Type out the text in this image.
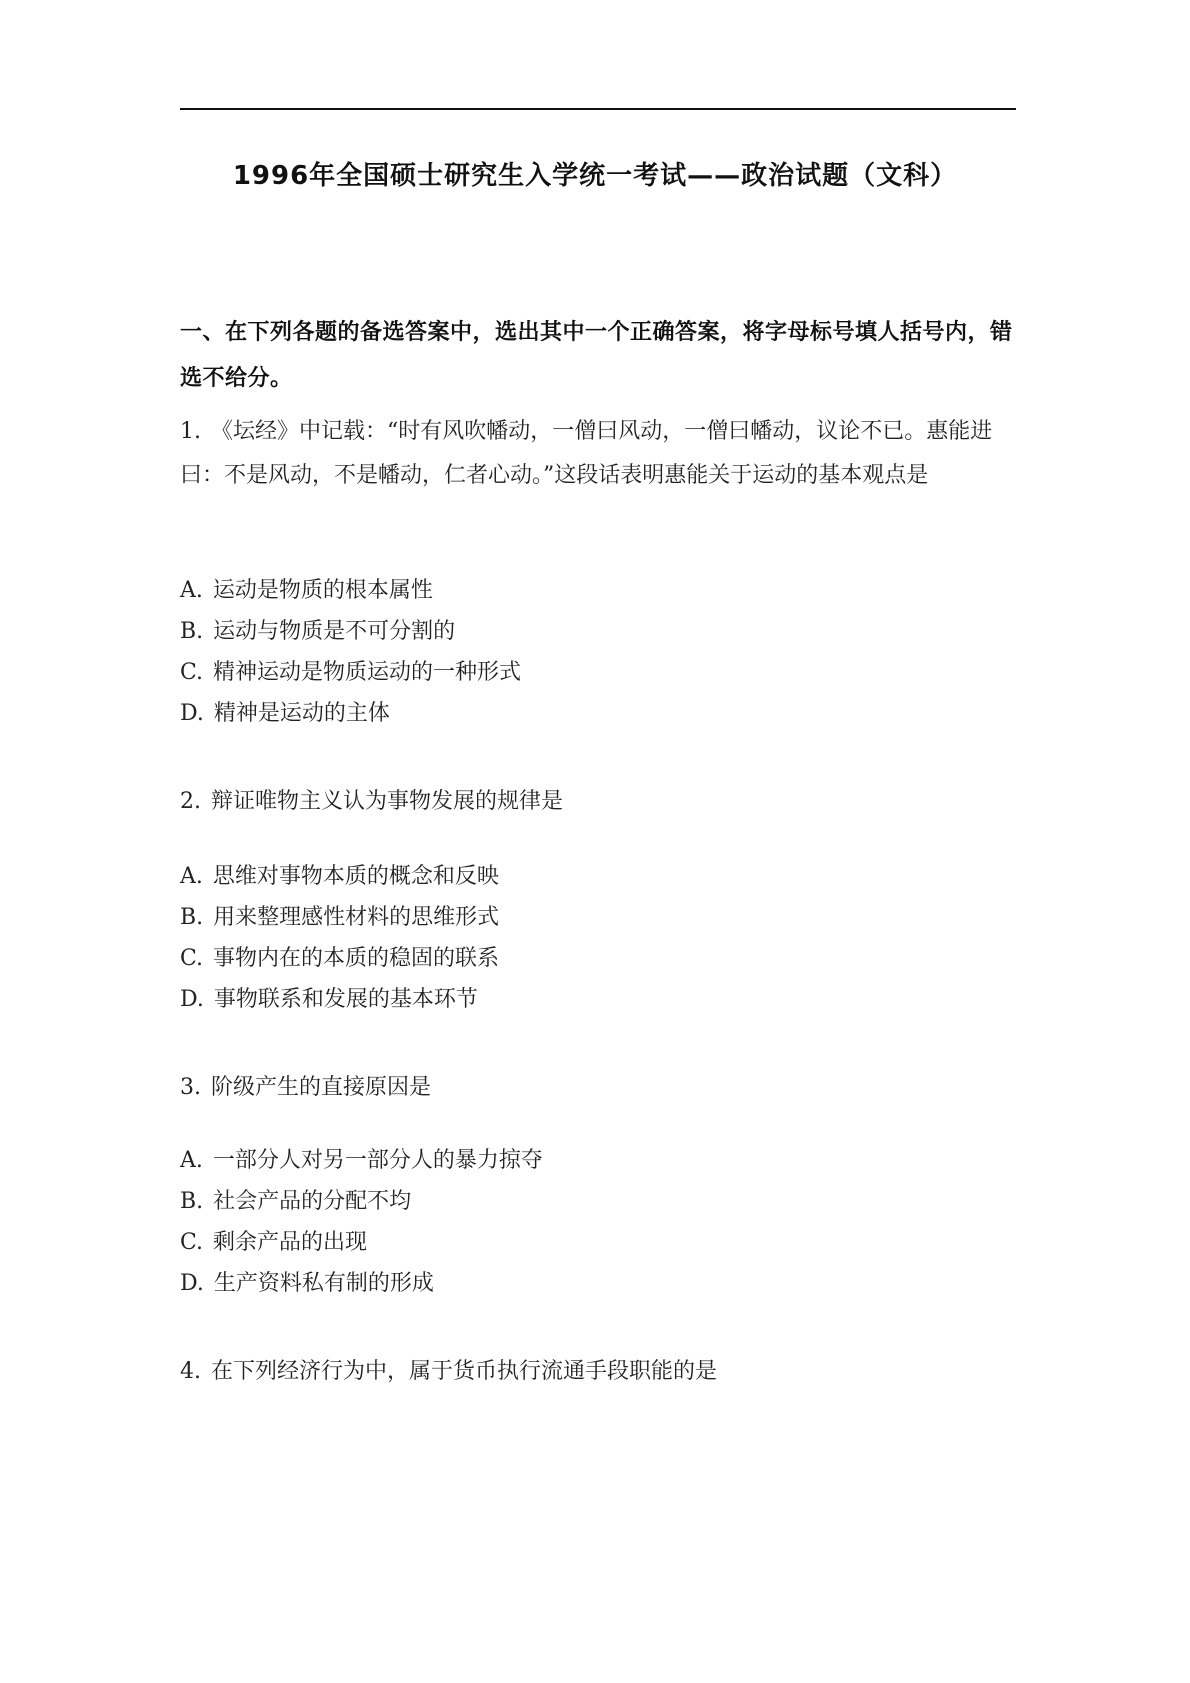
1996年全国硕士研究生入学统一考试——政治试题（文科）
一、在下列各题的备选答案中，选出其中一个正确答案，将字母标号填人括号内，错选不给分。
1. 《坛经》中记载：“时有风吹幡动，一僧曰风动，一僧曰幡动，议论不已。惠能进曰：不是风动，不是幡动，仁者心动。”这段话表明惠能关于运动的基本观点是
A. 运动是物质的根本属性
B. 运动与物质是不可分割的
C. 精神运动是物质运动的一种形式
D. 精神是运动的主体
2. 辩证唯物主义认为事物发展的规律是
A. 思维对事物本质的概念和反映
B. 用来整理感性材料的思维形式
C. 事物内在的本质的稳固的联系
D. 事物联系和发展的基本环节
3. 阶级产生的直接原因是
A. 一部分人对另一部分人的暴力掠夺
B. 社会产品的分配不均
C. 剩余产品的出现
D. 生产资料私有制的形成
4. 在下列经济行为中，属于货币执行流通手段职能的是
